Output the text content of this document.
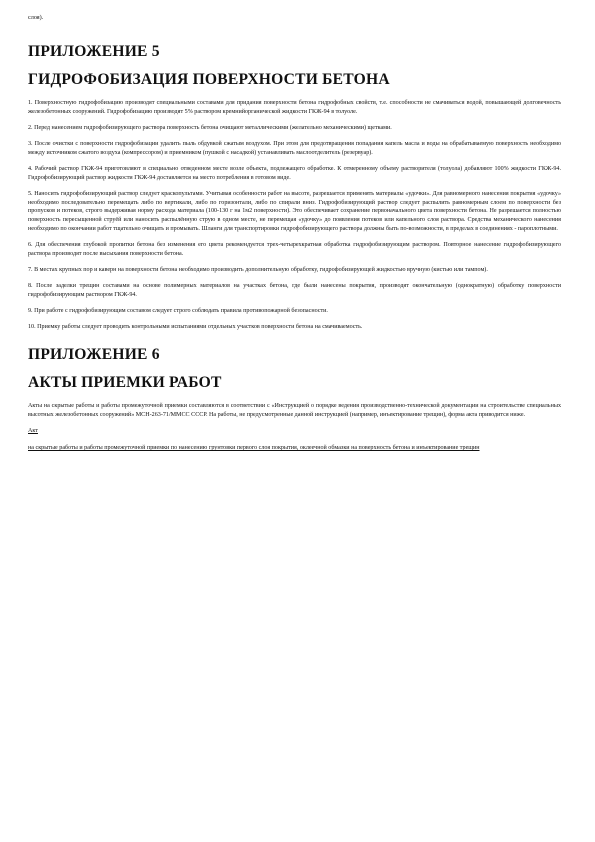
слоя).
ПРИЛОЖЕНИЕ 5
ГИДРОФОБИЗАЦИЯ ПОВЕРХНОСТИ БЕТОНА

1. Поверхностную гидрофобизацию производят специальными составами для придания поверхности бетона гидрофобных свойств, т.е. способности не смачиваться водой, повышающей долговечность железобетонных сооружений. Гидрофобизацию производят 5% раствором кремнийорганической жидкости ГКЖ-94 в толуоле.

2. Перед нанесением гидрофобизирующего раствора поверхность бетона очищают металлическими (желательно механическими) щетками.

3. После очистки с поверхности гидрофобизации удалить пыль обдувкой сжатым воздухом. При этом для предотвращения попадания капель масла и воды на обрабатываемую поверхность необходимо между источником сжатого воздуха (компрессором) и приемником (пушкой с насадкой) устанавливать маслоотделитель (резервуар).

4. Рабочий раствор ГКЖ-94 приготовляют в специально отведенном месте возле объекта, подлежащего обработке. К отмеренному объему растворителя (толуола) добавляют 100% жидкости ГКЖ-94. Гидрофобизирующий раствор жидкости ГКЖ-94 доставляется на место потребления в готовом виде.

5. Наносить гидрофобизирующий раствор следует краскопультами. Учитывая особенности работ на высоте, разрешается применять материалы «удочки». Для равномерного нанесения покрытия «удочку» необходимо последовательно перемещать либо по вертикали, либо по горизонтали, либо по спирали вниз. Гидрофобизирующий раствор следует распылить равномерным слоем по поверхности без пропусков и потеков, строго выдерживая норму расхода материала (100-130 г на 1м2 поверхности). Это обеспечивает сохранение первоначального цвета поверхности бетона. Не разрешается полностью поверхность пересыщенной струёй или наносить распылённую струю в одном месте, не перемещая «удочку» до появления потеков или капельного слоя раствора. Средства механического нанесения необходимо по окончании работ тщательно очищать и промывать. Шланги для транспортировки гидрофобизирующего раствора должны быть по-возможности, в пределах в соединениях - пароплотными.

6. Для обеспечения глубокой пропитки бетона без изменения его цвета рекомендуется трех-четырехкратная обработка гидрофобизирующим раствором. Повторное нанесение гидрофобизирующего раствора производят после высыхания поверхности бетона.

7. В местах крупных пор и каверн на поверхности бетона необходимо производить дополнительную обработку, гидрофобизирующей жидкостью вручную (кистью или тампом).

8. После заделки трещин составами на основе полимерных материалов на участках бетона, где были нанесены покрытия, производят окончательную (однократную) обработку поверхности гидрофобизирующим раствором ГКЖ-94.

9. При работе с гидрофобизирующим составом следует строго соблюдать правила противопожарной безопасности.

10. Приемку работы следует проводить контрольными испытаниями отдельных участков поверхности бетона на смачиваемость.

ПРИЛОЖЕНИЕ 6
АКТЫ ПРИЕМКИ РАБОТ

Акты на скрытые работы и работы промежуточной приемки составляются в соответствии с «Инструкцией о порядке ведения производственно-технической документации на строительстве специальных высотных железобетонных сооружений» МСН-263-71/ММСС СССР. На работы, не предусмотренные данной инструкцией (например, инъектирование трещин), форма акта приводится ниже.

Акт

на скрытые работы и работы промежуточной приемки по нанесению грунтовки первого слоя покрытия, оклеечной обмазки на поверхность бетона и инъектирование трещин
